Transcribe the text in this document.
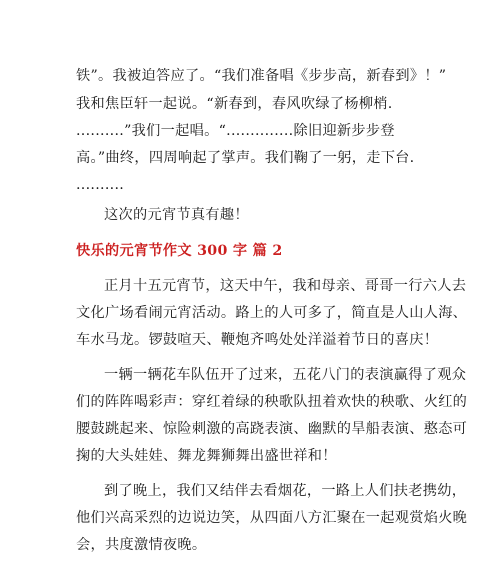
铁”。我被迫答应了。“我们准备唱《步步高，新春到》！”
我和焦臣轩一起说。“新春到，春风吹绿了杨柳梢.
..........”我们一起唱。“..............除旧迎新步步登
高。”曲终，四周响起了掌声。我们鞠了一躬，走下台.
..........
这次的元宵节真有趣！
快乐的元宵节作文 300 字 篇 2
正月十五元宵节，这天中午，我和母亲、哥哥一行六人去
文化广场看闹元宵活动。路上的人可多了，简直是人山人海、
车水马龙。锣鼓喧天、鞭炮齐鸣处处洋溢着节日的喜庆！
一辆一辆花车队伍开了过来，五花八门的表演赢得了观众
们的阵阵喝彩声：穿红着绿的秧歌队扭着欢快的秧歌、火红的
腰鼓跳起来、惊险刺激的高跷表演、幽默的旱船表演、憨态可
掬的大头娃娃、舞龙舞狮舞出盛世祥和！
到了晚上，我们又结伴去看烟花，一路上人们扶老携幼，
他们兴高采烈的边说边笑，从四面八方汇聚在一起观赏焰火晚
会，共度激情夜晚。
